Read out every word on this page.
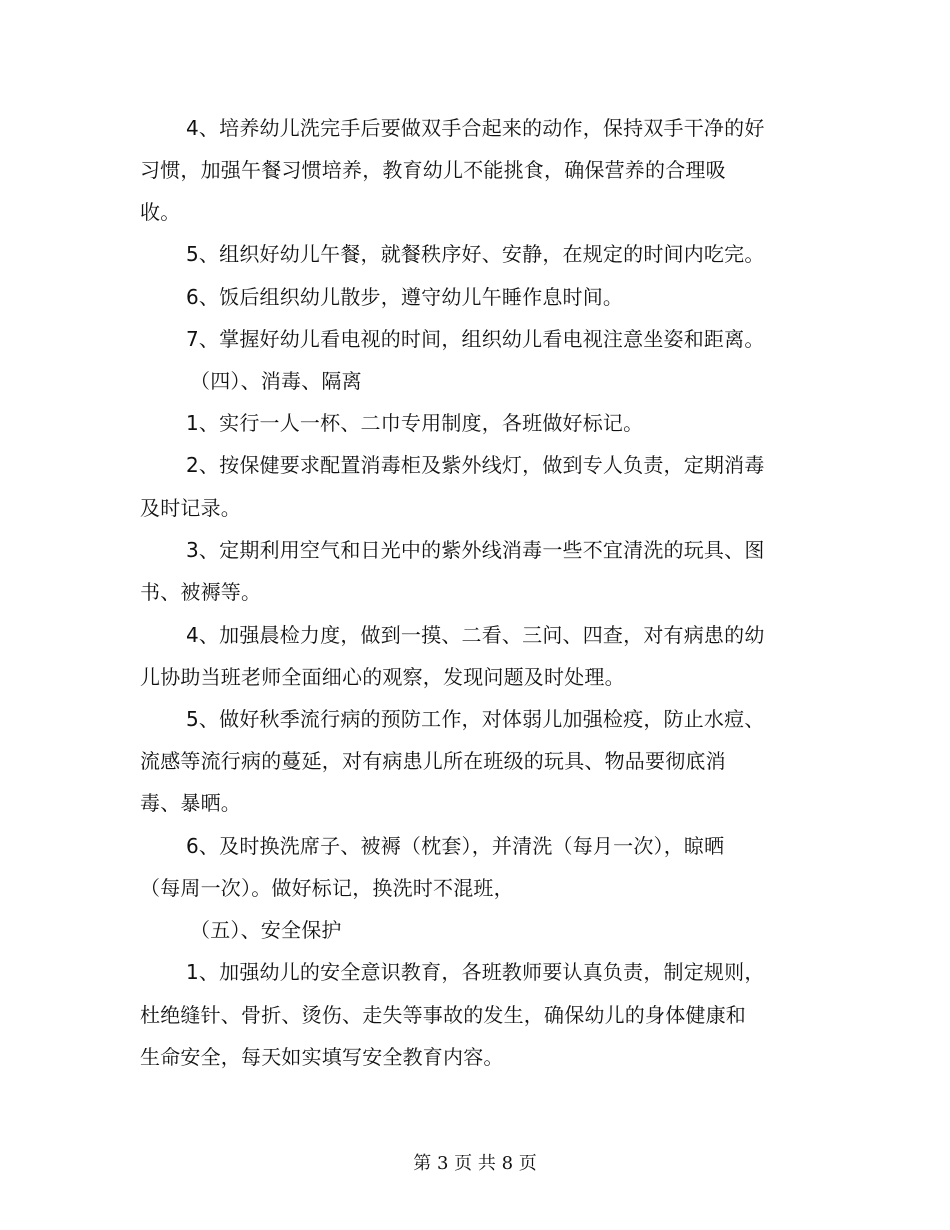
4、培养幼儿洗完手后要做双手合起来的动作，保持双手干净的好
习惯，加强午餐习惯培养，教育幼儿不能挑食，确保营养的合理吸
收。
5、组织好幼儿午餐，就餐秩序好、安静，在规定的时间内吃完。
6、饭后组织幼儿散步，遵守幼儿午睡作息时间。
7、掌握好幼儿看电视的时间，组织幼儿看电视注意坐姿和距离。
（四）、消毒、隔离
1、实行一人一杯、二巾专用制度，各班做好标记。
2、按保健要求配置消毒柜及紫外线灯，做到专人负责，定期消毒
及时记录。
3、定期利用空气和日光中的紫外线消毒一些不宜清洗的玩具、图
书、被褥等。
4、加强晨检力度，做到一摸、二看、三问、四查，对有病患的幼
儿协助当班老师全面细心的观察，发现问题及时处理。
5、做好秋季流行病的预防工作，对体弱儿加强检疫，防止水痘、
流感等流行病的蔓延，对有病患儿所在班级的玩具、物品要彻底消
毒、暴晒。
6、及时换洗席子、被褥（枕套），并清洗（每月一次），晾晒
（每周一次）。做好标记，换洗时不混班，
（五）、安全保护
1、加强幼儿的安全意识教育，各班教师要认真负责，制定规则，
杜绝缝针、骨折、烫伤、走失等事故的发生，确保幼儿的身体健康和
生命安全，每天如实填写安全教育内容。
第 3 页 共 8 页
